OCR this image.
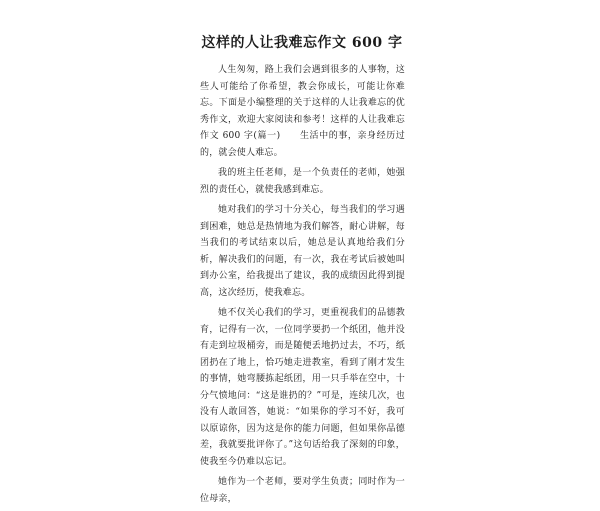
这样的人让我难忘作文 600 字

人生匆匆，路上我们会遇到很多的人事物，这些人可能给了你希望，教会你成长，可能让你难忘。下面是小编整理的关于这样的人让我难忘的优秀作文，欢迎大家阅读和参考！这样的人让我难忘作文 600 字(篇一)　　生活中的事，亲身经历过的，就会使人难忘。

我的班主任老师，是一个负责任的老师，她强烈的责任心，就使我感到难忘。

她对我们的学习十分关心，每当我们的学习遇到困难，她总是热情地为我们解答，耐心讲解，每当我们的考试结束以后，她总是认真地给我们分析，解决我们的问题，有一次，我在考试后被她叫到办公室，给我提出了建议，我的成绩因此得到提高，这次经历，使我难忘。

她不仅关心我们的学习，更重视我们的品德教育，记得有一次，一位同学要扔一个纸团，他并没有走到垃圾桶旁，而是随便丢地扔过去，不巧，纸团扔在了地上，恰巧她走进教室，看到了刚才发生的事情，她弯腰拣起纸团，用一只手举在空中，十分气愤地问：“这是谁扔的？”可是，连续几次，也没有人敢回答，她说：“如果你的学习不好，我可以原谅你，因为这是你的能力问题，但如果你品德差，我就要批评你了。”这句话给我了深刻的印象，使我至今仍难以忘记。

她作为一个老师，要对学生负责；同时作为一位母亲，
